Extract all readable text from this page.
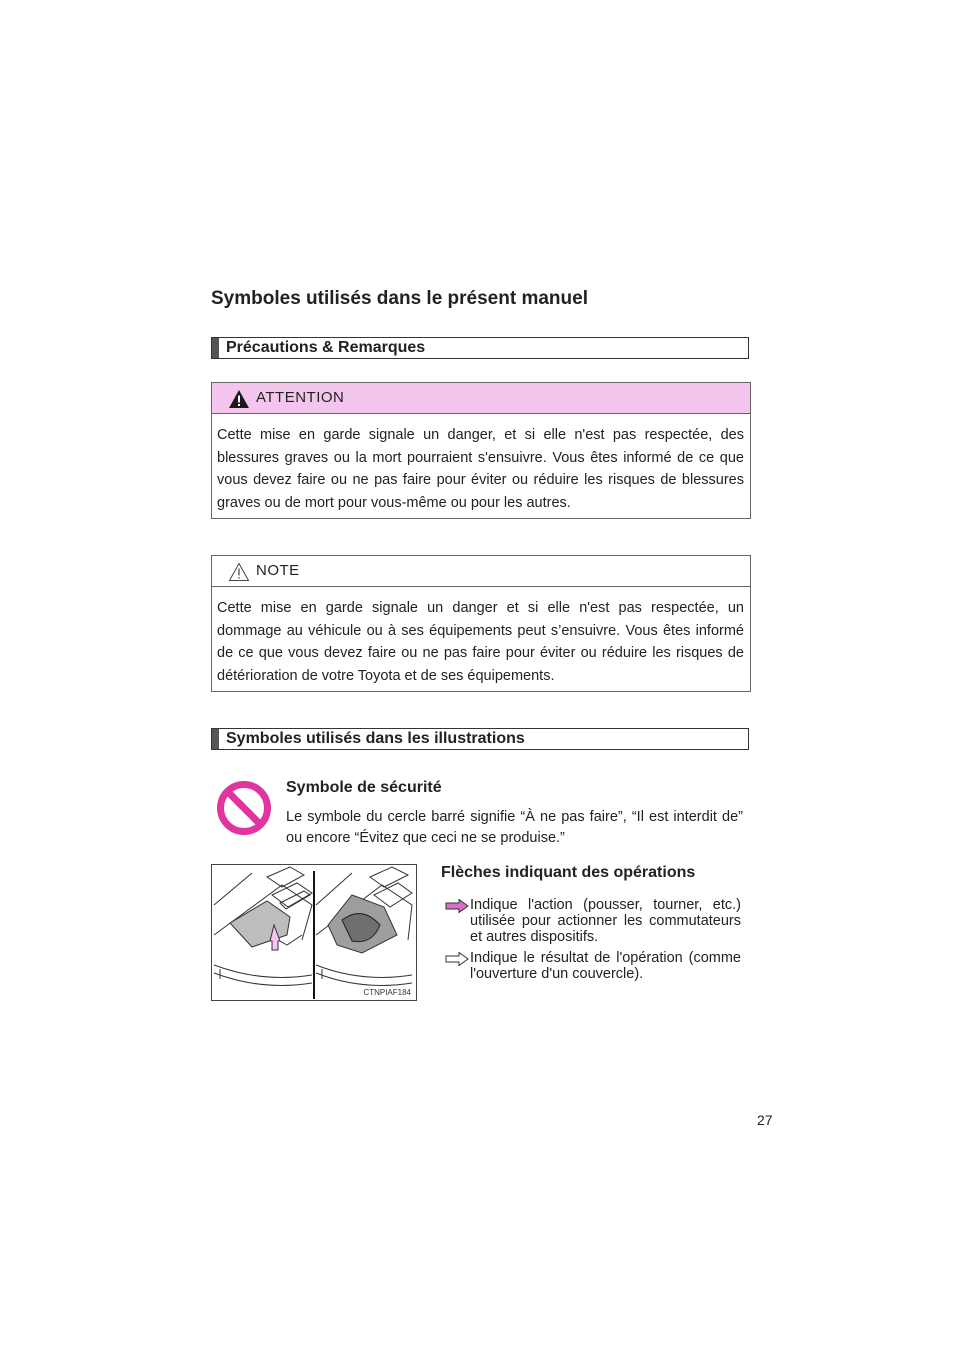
Symboles utilisés dans le présent manuel
Précautions & Remarques
ATTENTION
Cette mise en garde signale un danger, et si elle n'est pas respectée, des blessures graves ou la mort pourraient s'ensuivre. Vous êtes informé de ce que vous devez faire ou ne pas faire pour éviter ou réduire les risques de blessures graves ou de mort pour vous-même ou pour les autres.
NOTE
Cette mise en garde signale un danger et si elle n'est pas respectée, un dommage au véhicule ou à ses équipements peut s’ensuivre. Vous êtes informé de ce que vous devez faire ou ne pas faire pour éviter ou réduire les risques de détérioration de votre Toyota et de ses équipements.
Symboles utilisés dans les illustrations
Symbole de sécurité
Le symbole du cercle barré signifie “À ne pas faire”, “Il est interdit de” ou encore “Évitez que ceci ne se produise.”
CTNPIAF184
Flèches indiquant des opérations
Indique l'action (pousser, tourner, etc.) utilisée pour actionner les commutateurs et autres dispositifs.
Indique le résultat de l'opération (comme l'ouverture d'un couvercle).
27
